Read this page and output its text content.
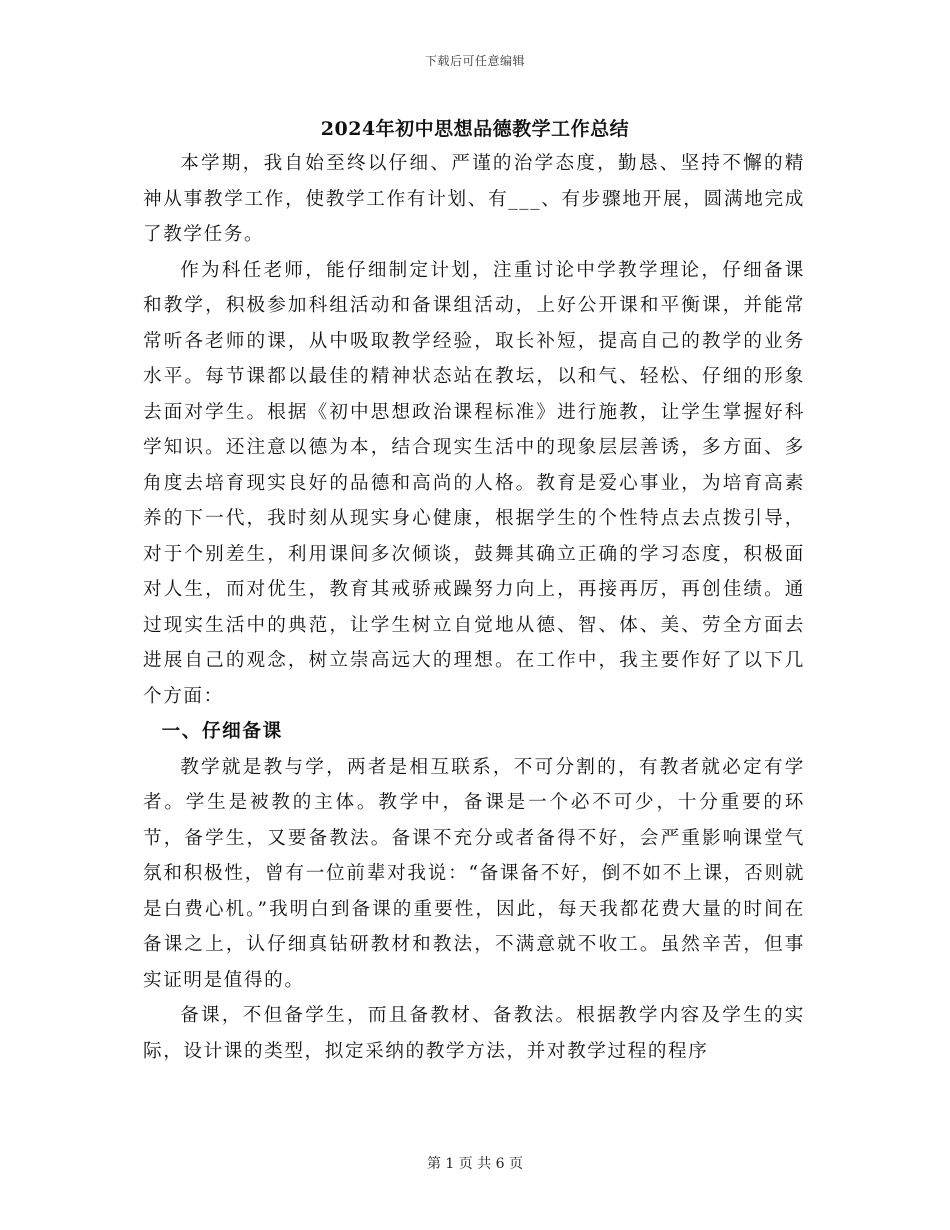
下载后可任意编辑
2024年初中思想品德教学工作总结

本学期，我自始至终以仔细、严谨的治学态度，勤恳、坚持不懈的精神从事教学工作，使教学工作有计划、有___、有步骤地开展，圆满地完成了教学任务。

作为科任老师，能仔细制定计划，注重讨论中学教学理论，仔细备课和教学，积极参加科组活动和备课组活动，上好公开课和平衡课，并能常常听各老师的课，从中吸取教学经验，取长补短，提高自己的教学的业务水平。每节课都以最佳的精神状态站在教坛，以和气、轻松、仔细的形象去面对学生。根据《初中思想政治课程标准》进行施教，让学生掌握好科学知识。还注意以德为本，结合现实生活中的现象层层善诱，多方面、多角度去培育现实良好的品德和高尚的人格。教育是爱心事业，为培育高素养的下一代，我时刻从现实身心健康，根据学生的个性特点去点拨引导，对于个别差生，利用课间多次倾谈，鼓舞其确立正确的学习态度，积极面对人生，而对优生，教育其戒骄戒躁努力向上，再接再厉，再创佳绩。通过现实生活中的典范，让学生树立自觉地从德、智、体、美、劳全方面去进展自己的观念，树立崇高远大的理想。在工作中，我主要作好了以下几个方面：

一、仔细备课

教学就是教与学，两者是相互联系，不可分割的，有教者就必定有学者。学生是被教的主体。教学中，备课是一个必不可少，十分重要的环节，备学生，又要备教法。备课不充分或者备得不好，会严重影响课堂气氛和积极性，曾有一位前辈对我说：“备课备不好，倒不如不上课，否则就是白费心机。”我明白到备课的重要性，因此，每天我都花费大量的时间在备课之上，认仔细真钻研教材和教法，不满意就不收工。虽然辛苦，但事实证明是值得的。

备课，不但备学生，而且备教材、备教法。根据教学内容及学生的实际，设计课的类型，拟定采纳的教学方法，并对教学过程的程序

第 1 页 共 6 页
